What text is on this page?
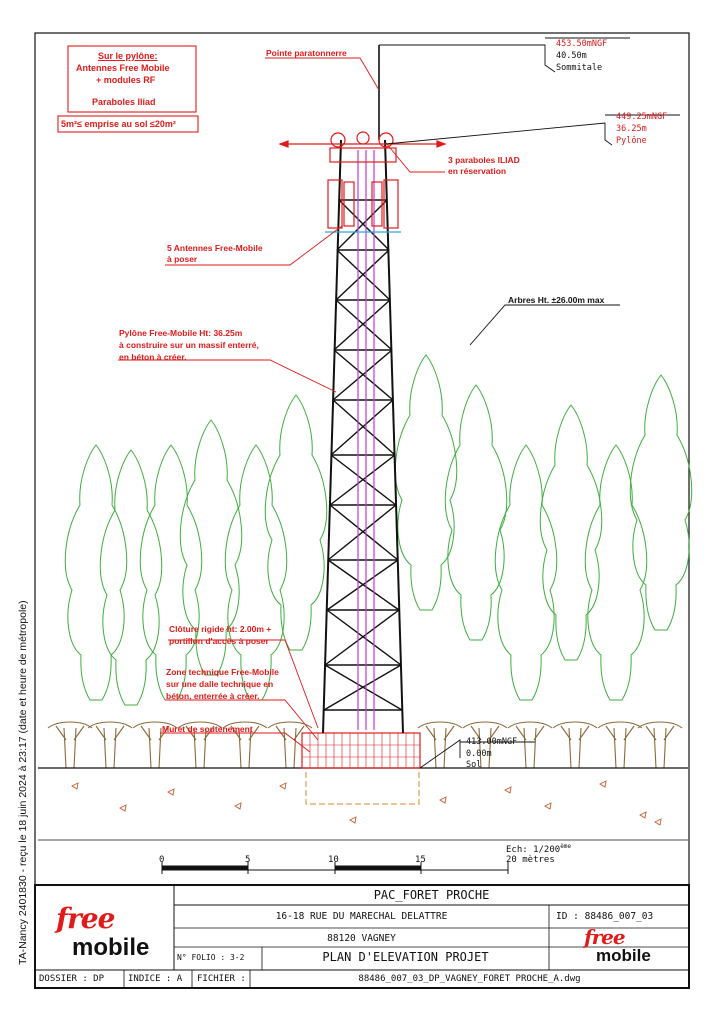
TA-Nancy 2401830 - reçu le 18 juin 2024 à 23:17 (date et heure de métropole)
Sur le pylône:
Antennes Free Mobile
+ modules RF
Paraboles Iliad
5m²≤ emprise au sol ≤20m²
Pointe paratonnerre
3 paraboles ILIAD
en réservation
5 Antennes Free-Mobile
à poser
Pylône Free-Mobile Ht: 36.25m
à construire sur un massif enterré,
en béton à créer.
Arbres Ht. ±26.00m max
Clôture rigide ht: 2.00m +
portillon d'accès à poser
Zone technique Free-Mobile
sur une dalle technique en
béton, enterrée à créer.
Muret de soutènement
453.50mNGF
40.50m
Sommitale
449.25mNGF
36.25m
Pylône
413.00mNGF
0.00m
Sol
Ech: 1/200ème
0	5	10	15	20 mètres
PAC_FORET PROCHE
16-18 RUE DU MARECHAL DELATTRE
88120 VAGNEY
ID : 88486_007_03
N° FOLIO : 3-2	PLAN D'ELEVATION PROJET
DOSSIER : DP	INDICE : A FICHIER :	88486_007_03_DP_VAGNEY_FORET PROCHE_A.dwg
free
mobile	free
mobile
